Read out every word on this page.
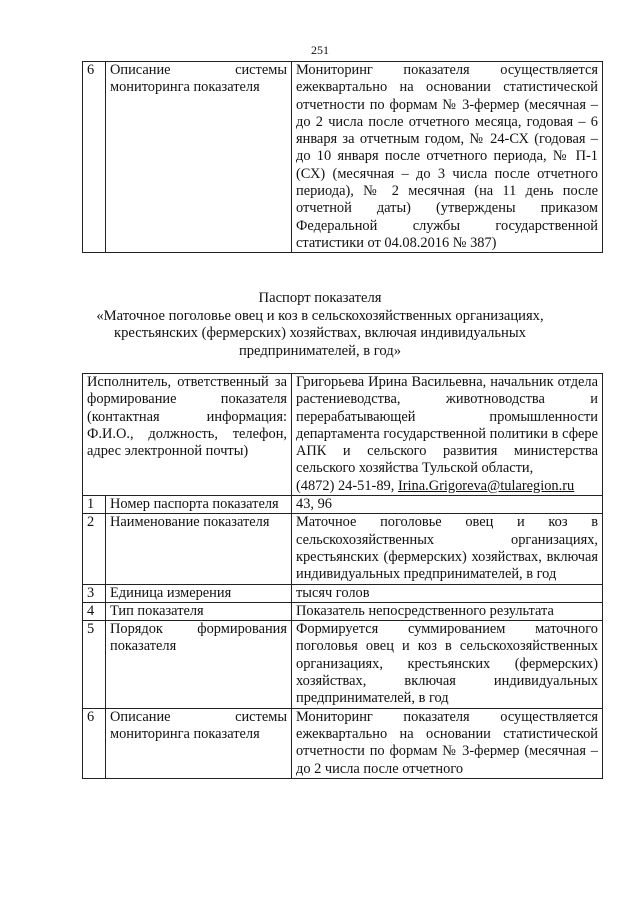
251
6	Описание системы мониторинга показателя	Мониторинг показателя осуществляется ежеквартально на основании статистической отчетности по формам № 3-фермер (месячная – до 2 числа после отчетного месяца, годовая – 6 января за отчетным годом, № 24-СХ (годовая – до 10 января после отчетного периода, № П-1 (СХ) (месячная – до 3 числа после отчетного периода), № 2 месячная (на 11 день после отчетной даты) (утверждены приказом Федеральной службы государственной статистики от 04.08.2016 № 387)
Паспорт показателя
«Маточное поголовье овец и коз в сельскохозяйственных организациях, крестьянских (фермерских) хозяйствах, включая индивидуальных предпринимателей, в год»
Исполнитель, ответственный за формирование показателя (контактная информация: Ф.И.О., должность, телефон, адрес электронной почты)		Григорьева Ирина Васильевна, начальник отдела растениеводства, животноводства и перерабатывающей промышленности департамента государственной политики в сфере АПК и сельского развития министерства сельского хозяйства Тульской области,
(4872) 24-51-89, Irina.Grigoreva@tularegion.ru
1	Номер паспорта показателя	43, 96
2	Наименование показателя	Маточное поголовье овец и коз в сельскохозяйственных организациях, крестьянских (фермерских) хозяйствах, включая индивидуальных предпринимателей, в год
3	Единица измерения	тысяч голов
4	Тип показателя	Показатель непосредственного результата
5	Порядок формирования показателя	Формируется суммированием маточного поголовья овец и коз в сельскохозяйственных организациях, крестьянских (фермерских) хозяйствах, включая индивидуальных предпринимателей, в год
6	Описание системы мониторинга показателя	Мониторинг показателя осуществляется ежеквартально на основании статистической отчетности по формам № 3-фермер (месячная – до 2 числа после отчетного
